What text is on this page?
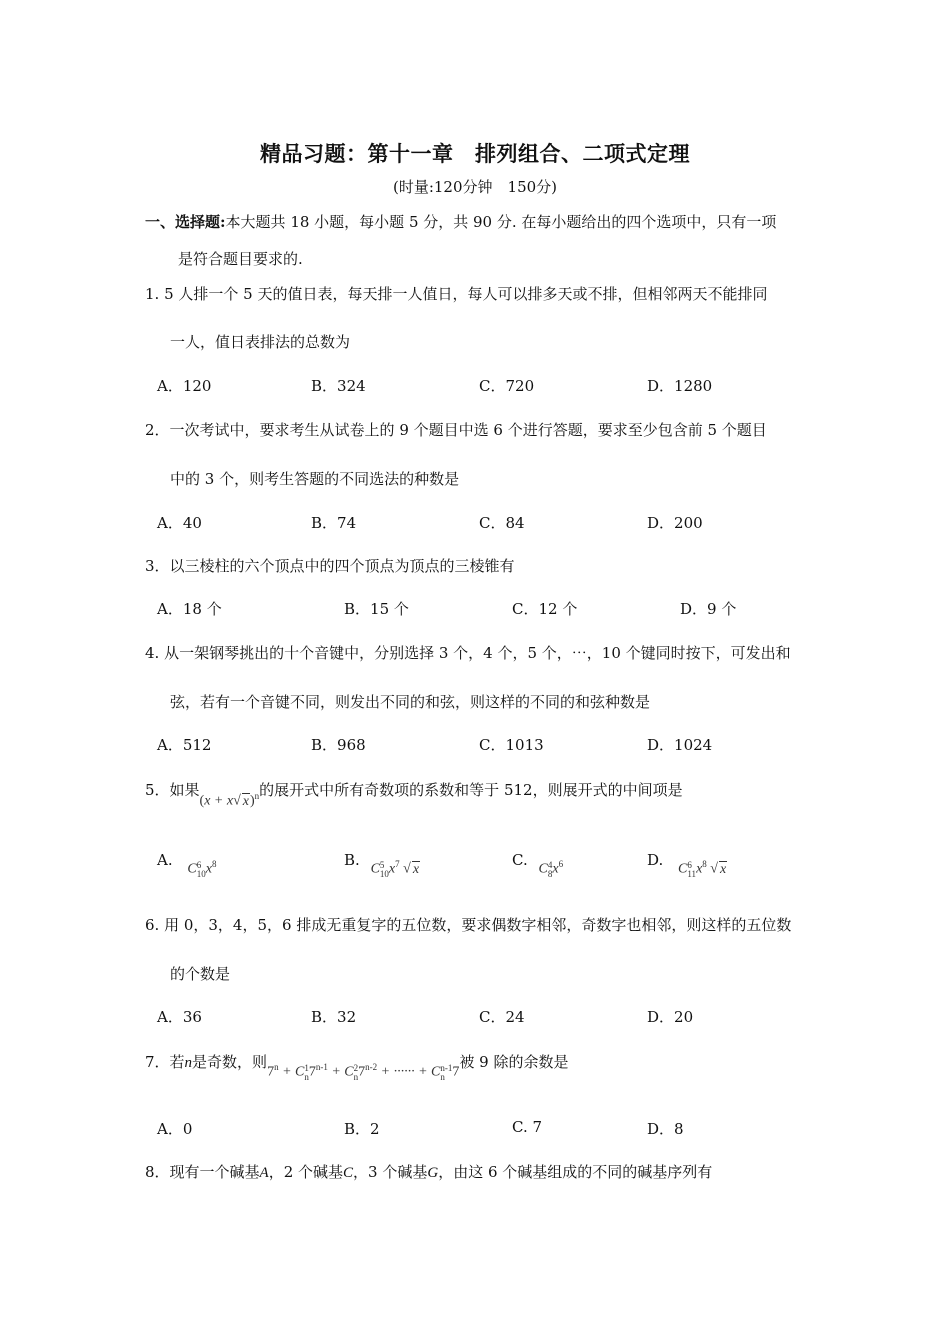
精品习题：第十一章　排列组合、二项式定理
(时量:120分钟　150分)
一、选择题:本大题共 18 小题，每小题 5 分，共 90 分. 在每小题给出的四个选项中，只有一项
是符合题目要求的.
1. 5 人排一个 5 天的值日表，每天排一人值日，每人可以排多天或不排，但相邻两天不能排同
一人，值日表排法的总数为
A．120	B．324	C．720	D．1280
2．一次考试中，要求考生从试卷上的 9 个题目中选 6 个进行答题，要求至少包含前 5 个题目
中的 3 个，则考生答题的不同选法的种数是
A．40	B．74	C．84	D．200
3．以三棱柱的六个顶点中的四个顶点为顶点的三棱锥有
A．18 个	B．15 个	C．12 个	D．9 个
4. 从一架钢琴挑出的十个音键中，分别选择 3 个，4 个，5 个，⋯，10 个键同时按下，可发出和
弦，若有一个音键不同，则发出不同的和弦，则这样的不同的和弦种数是
A．512	B．968	C．1013	D．1024
5．如果(x + x√ x)$^n$的展开式中所有奇数项的系数和等于 512，则展开式的中间项是
A. C6
$10x^8$	B. C5
$10x^7$ √ x
C. C4
$8x^6$	D. C6
$11x^8$ √ x
6. 用 0，3，4，5，6 排成无重复字的五位数，要求偶数字相邻，奇数字也相邻，则这样的五位数
的个数是
A．36	B．32	C．24	D．20
7．若n是奇数，则$7^n + C1$
$n7^{n-1} + C2$
$n7^{n-2}$ + ······ + Cn-1
n 7被 9 除的余数是
A．0	B．2	C. 7	D．8
8．现有一个碱基A，2 个碱基C，3 个碱基G，由这 6 个碱基组成的不同的碱基序列有
